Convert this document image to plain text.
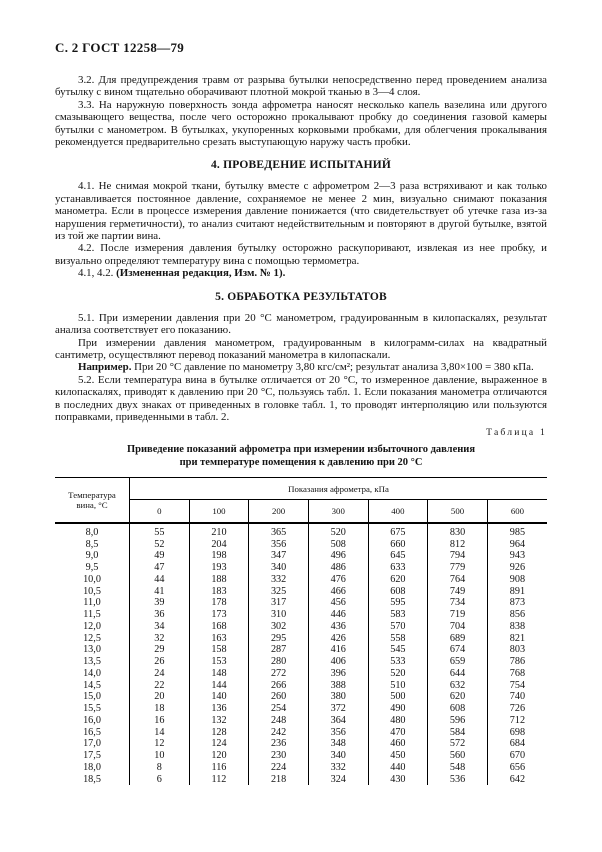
С. 2 ГОСТ 12258—79

3.2. Для предупреждения травм от разрыва бутылки непосредственно перед проведением анализа бутылку с вином тщательно оборачивают плотной мокрой тканью в 3—4 слоя.

3.3. На наружную поверхность зонда афрометра наносят несколько капель вазелина или другого смазывающего вещества, после чего осторожно прокалывают пробку до соединения газовой камеры бутылки с манометром. В бутылках, укупоренных корковыми пробками, для облегчения прокалывания рекомендуется предварительно срезать выступающую наружу часть пробки.

4. ПРОВЕДЕНИЕ ИСПЫТАНИЙ

4.1. Не снимая мокрой ткани, бутылку вместе с афрометром 2—3 раза встряхивают и как только устанавливается постоянное давление, сохраняемое не менее 2 мин, визуально снимают показания манометра. Если в процессе измерения давление понижается (что свидетельствует об утечке газа из-за нарушения герметичности), то анализ считают недействительным и повторяют в другой бутылке, взятой из той же партии вина.

4.2. После измерения давления бутылку осторожно раскупоривают, извлекая из нее пробку, и визуально определяют температуру вина с помощью термометра.

4.1, 4.2. (Измененная редакция, Изм. № 1).

5. ОБРАБОТКА РЕЗУЛЬТАТОВ

5.1. При измерении давления при 20 °С манометром, градуированным в килопаскалях, результат анализа соответствует его показанию.

При измерении давления манометром, градуированным в килограмм-силах на квадратный сантиметр, осуществляют перевод показаний манометра в килопаскали.

Например. При 20 °С давление по манометру 3,80 кгс/см²; результат анализа 3,80×100 = 380 кПа.

5.2. Если температура вина в бутылке отличается от 20 °С, то измеренное давление, выраженное в килопаскалях, приводят к давлению при 20 °С, пользуясь табл. 1. Если показания манометра отличаются в последних двух знаках от приведенных в головке табл. 1, то проводят интерполяцию или пользуются поправками, приведенными в табл. 2.

Таблица 1
Приведение показаний афрометра при измерении избыточного давления
при температуре помещения к давлению при 20 °С
Температура вина, °С	Показания афрометра, кПа						
	0	100	200	300	400	500	600
8,0	55	210	365	520	675	830	985
8,5	52	204	356	508	660	812	964
9,0	49	198	347	496	645	794	943
9,5	47	193	340	486	633	779	926
10,0	44	188	332	476	620	764	908
10,5	41	183	325	466	608	749	891
11,0	39	178	317	456	595	734	873
11,5	36	173	310	446	583	719	856
12,0	34	168	302	436	570	704	838
12,5	32	163	295	426	558	689	821
13,0	29	158	287	416	545	674	803
13,5	26	153	280	406	533	659	786
14,0	24	148	272	396	520	644	768
14,5	22	144	266	388	510	632	754
15,0	20	140	260	380	500	620	740
15,5	18	136	254	372	490	608	726
16,0	16	132	248	364	480	596	712
16,5	14	128	242	356	470	584	698
17,0	12	124	236	348	460	572	684
17,5	10	120	230	340	450	560	670
18,0	8	116	224	332	440	548	656
18,5	6	112	218	324	430	536	642
